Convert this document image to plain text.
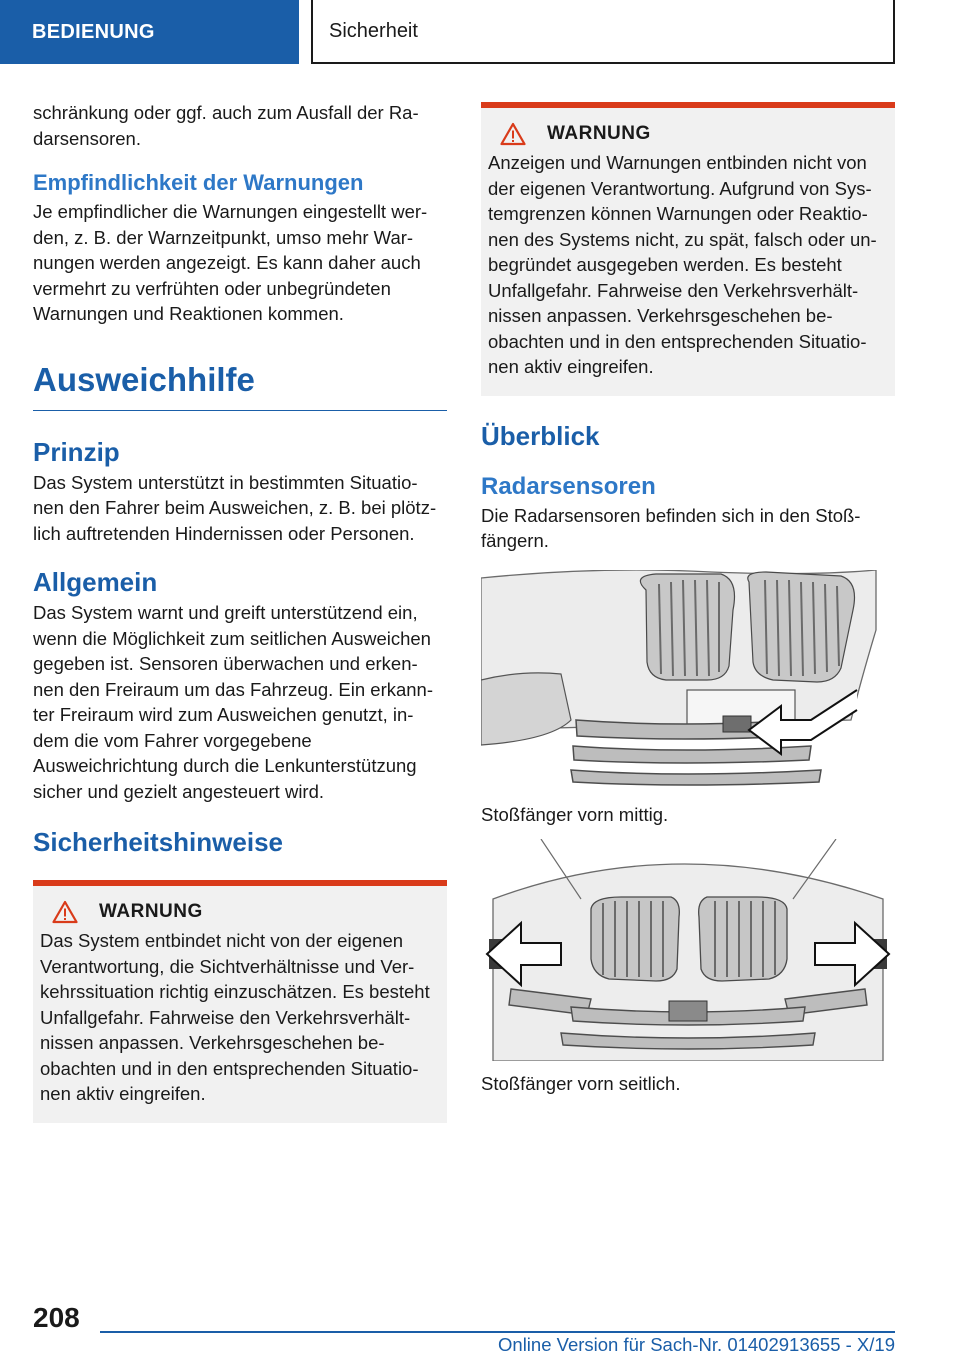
BEDIENUNG	Sicherheit

schränkung oder ggf. auch zum Ausfall der Ra-darsensoren.

Empfindlichkeit der Warnungen

Je empfindlicher die Warnungen eingestellt wer-den, z. B. der Warnzeitpunkt, umso mehr War-nungen werden angezeigt. Es kann daher auch vermehrt zu verfrühten oder unbegründeten Warnungen und Reaktionen kommen.

Ausweichhilfe
Prinzip

Das System unterstützt in bestimmten Situatio-nen den Fahrer beim Ausweichen, z. B. bei plötz-lich auftretenden Hindernissen oder Personen.

Allgemein

Das System warnt und greift unterstützend ein, wenn die Möglichkeit zum seitlichen Ausweichen gegeben ist. Sensoren überwachen und erken-nen den Freiraum um das Fahrzeug. Ein erkann-ter Freiraum wird zum Ausweichen genutzt, in-dem die vom Fahrer vorgegebene Ausweichrichtung durch die Lenkunterstützung sicher und gezielt angesteuert wird.

Sicherheitshinweise
WARNUNG

Das System entbindet nicht von der eigenen Verantwortung, die Sichtverhältnisse und Ver-kehrssituation richtig einzuschätzen. Es besteht Unfallgefahr. Fahrweise den Verkehrsverhält-nissen anpassen. Verkehrsgeschehen be-obachten und in den entsprechenden Situatio-nen aktiv eingreifen.

WARNUNG

Anzeigen und Warnungen entbinden nicht von der eigenen Verantwortung. Aufgrund von Sys-temgrenzen können Warnungen oder Reaktio-nen des Systems nicht, zu spät, falsch oder un-begründet ausgegeben werden. Es besteht Unfallgefahr. Fahrweise den Verkehrsverhält-nissen anpassen. Verkehrsgeschehen be-obachten und in den entsprechenden Situatio-nen aktiv eingreifen.

Überblick
Radarsensoren

Die Radarsensoren befinden sich in den Stoß-fängern.

Stoßfänger vorn mittig.

Stoßfänger vorn seitlich.

208
Online Version für Sach-Nr. 01402913655 - X/19
